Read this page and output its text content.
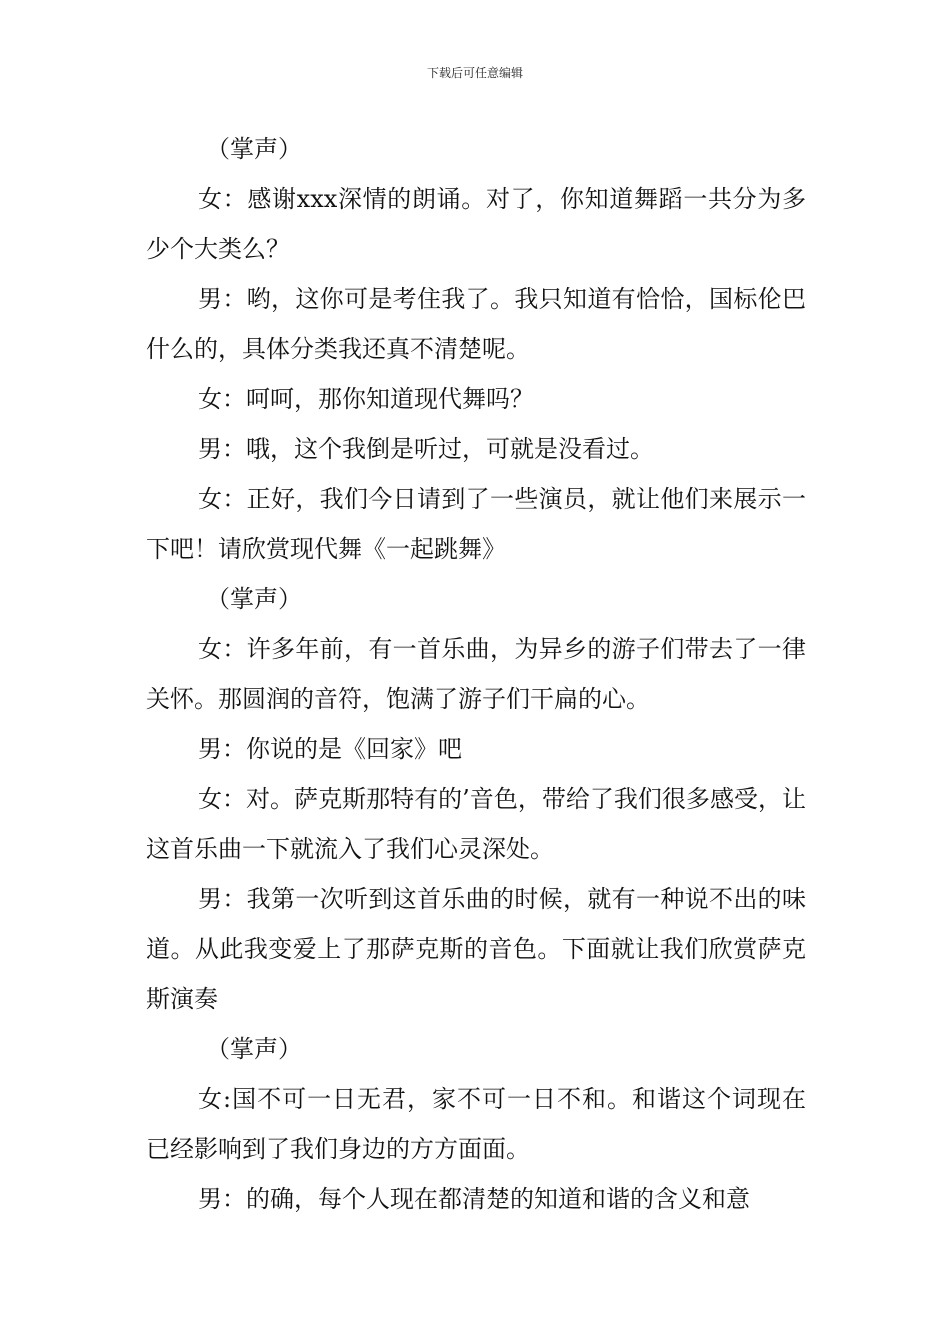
下载后可任意编辑

（掌声）

女：感谢xxx深情的朗诵。对了，你知道舞蹈一共分为多少个大类么？

男：哟，这你可是考住我了。我只知道有恰恰，国标伦巴什么的，具体分类我还真不清楚呢。

女：呵呵，那你知道现代舞吗？

男：哦，这个我倒是听过，可就是没看过。

女：正好，我们今日请到了一些演员，就让他们来展示一下吧！请欣赏现代舞《一起跳舞》

（掌声）

女：许多年前，有一首乐曲，为异乡的游子们带去了一律关怀。那圆润的音符，饱满了游子们干扁的心。

男：你说的是《回家》吧

女：对。萨克斯那特有的’音色，带给了我们很多感受，让这首乐曲一下就流入了我们心灵深处。

男：我第一次听到这首乐曲的时候，就有一种说不出的味道。从此我变爱上了那萨克斯的音色。下面就让我们欣赏萨克斯演奏

（掌声）

女:国不可一日无君，家不可一日不和。和谐这个词现在已经影响到了我们身边的方方面面。

男：的确，每个人现在都清楚的知道和谐的含义和意
